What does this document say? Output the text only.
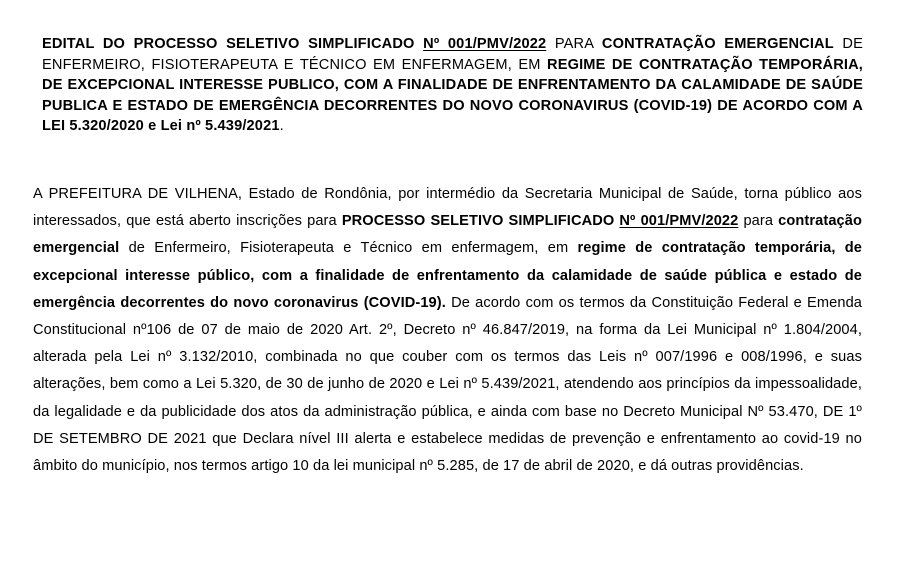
EDITAL DO PROCESSO SELETIVO SIMPLIFICADO Nº 001/PMV/2022 PARA CONTRATAÇÃO EMERGENCIAL DE ENFERMEIRO, FISIOTERAPEUTA E TÉCNICO EM ENFERMAGEM, EM REGIME DE CONTRATAÇÃO TEMPORÁRIA, DE EXCEPCIONAL INTERESSE PUBLICO, COM A FINALIDADE DE ENFRENTAMENTO DA CALAMIDADE DE SAÚDE PUBLICA E ESTADO DE EMERGÊNCIA DECORRENTES DO NOVO CORONAVIRUS (COVID-19) DE ACORDO COM A LEI 5.320/2020 e Lei nº 5.439/2021.
A PREFEITURA DE VILHENA, Estado de Rondônia, por intermédio da Secretaria Municipal de Saúde, torna público aos interessados, que está aberto inscrições para PROCESSO SELETIVO SIMPLIFICADO Nº 001/PMV/2022 para contratação emergencial de Enfermeiro, Fisioterapeuta e Técnico em enfermagem, em regime de contratação temporária, de excepcional interesse público, com a finalidade de enfrentamento da calamidade de saúde pública e estado de emergência decorrentes do novo coronavirus (COVID-19). De acordo com os termos da Constituição Federal e Emenda Constitucional nº106 de 07 de maio de 2020 Art. 2º, Decreto nº 46.847/2019, na forma da Lei Municipal nº 1.804/2004, alterada pela Lei nº 3.132/2010, combinada no que couber com os termos das Leis nº 007/1996 e 008/1996, e suas alterações, bem como a Lei 5.320, de 30 de junho de 2020 e Lei nº 5.439/2021, atendendo aos princípios da impessoalidade, da legalidade e da publicidade dos atos da administração pública, e ainda com base no Decreto Municipal Nº 53.470, DE 1º DE SETEMBRO DE 2021 que Declara nível III alerta e estabelece medidas de prevenção e enfrentamento ao covid-19 no âmbito do município, nos termos artigo 10 da lei municipal nº 5.285, de 17 de abril de 2020, e dá outras providências.
